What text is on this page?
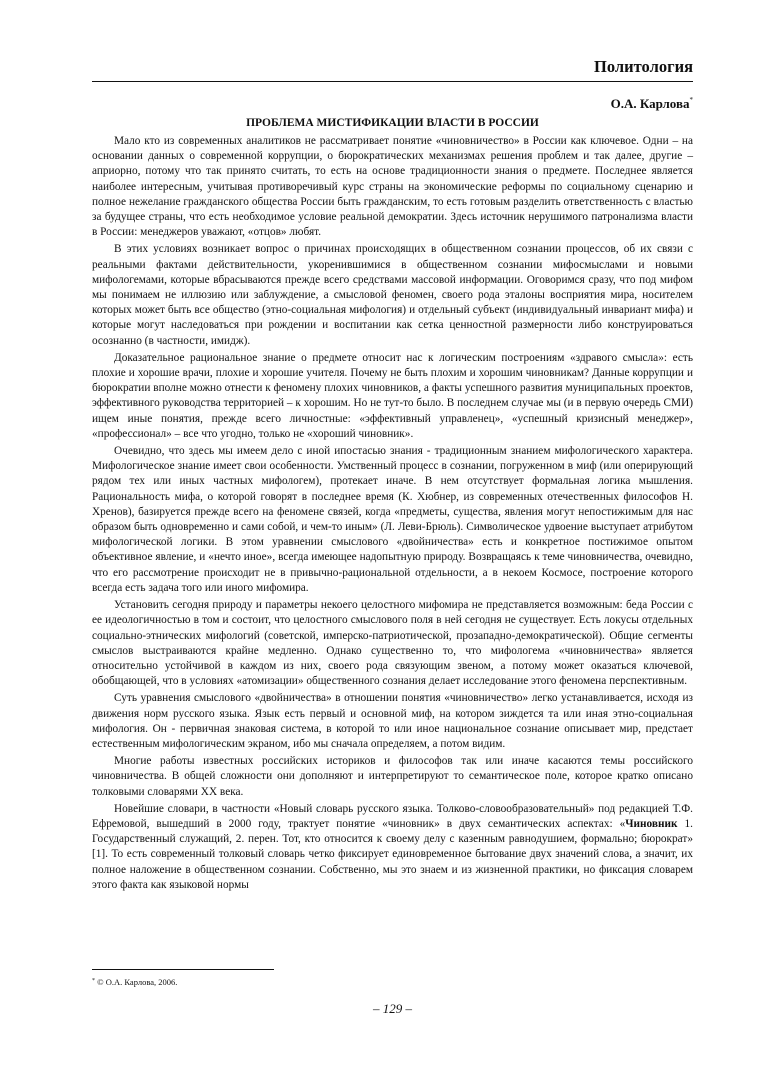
Политология
О.А. Карлова*
ПРОБЛЕМА МИСТИФИКАЦИИ ВЛАСТИ В РОССИИ

Мало кто из современных аналитиков не рассматривает понятие «чиновничество» в России как ключевое. Одни – на основании данных о современной коррупции, о бюрократических механизмах решения проблем и так далее, другие – априорно, потому что так принято считать, то есть на основе традиционности знания о предмете. Последнее является наиболее интересным, учитывая противоречивый курс страны на экономические реформы по социальному сценарию и полное нежелание гражданского общества России быть гражданским, то есть готовым разделить ответственность с властью за будущее страны, что есть необходимое условие реальной демократии. Здесь источник нерушимого патронализма власти в России: менеджеров уважают, «отцов» любят.

В этих условиях возникает вопрос о причинах происходящих в общественном сознании процессов, об их связи с реальными фактами действительности, укоренившимися в общественном сознании мифосмыслами и новыми мифологемами, которые вбрасываются прежде всего средствами массовой информации. Оговоримся сразу, что под мифом мы понимаем не иллюзию или заблуждение, а смысловой феномен, своего рода эталоны восприятия мира, носителем которых может быть все общество (этно-социальная мифология) и отдельный субъект (индивидуальный инвариант мифа) и которые могут наследоваться при рождении и воспитании как сетка ценностной размерности либо конструироваться осознанно (в частности, имидж).

Доказательное рациональное знание о предмете относит нас к логическим построениям «здравого смысла»: есть плохие и хорошие врачи, плохие и хорошие учителя. Почему не быть плохим и хорошим чиновникам? Данные коррупции и бюрократии вполне можно отнести к феномену плохих чиновников, а факты успешного развития муниципальных проектов, эффективного руководства территорией – к хорошим. Но не тут-то было. В последнем случае мы (и в первую очередь СМИ) ищем иные понятия, прежде всего личностные: «эффективный управленец», «успешный кризисный менеджер», «профессионал» – все что угодно, только не «хороший чиновник».

Очевидно, что здесь мы имеем дело с иной ипостасью знания - традиционным знанием мифологического характера. Мифологическое знание имеет свои особенности. Умственный процесс в сознании, погруженном в миф (или оперирующий рядом тех или иных частных мифологем), протекает иначе. В нем отсутствует формальная логика мышления. Рациональность мифа, о которой говорят в последнее время (К. Хюбнер, из современных отечественных философов Н. Хренов), базируется прежде всего на феномене связей, когда «предметы, существа, явления могут непостижимым для нас образом быть одновременно и сами собой, и чем-то иным» (Л. Леви-Брюль). Символическое удвоение выступает атрибутом мифологической логики. В этом уравнении смыслового «двойничества» есть и конкретное постижимое опытом объективное явление, и «нечто иное», всегда имеющее надопытную природу. Возвращаясь к теме чиновничества, очевидно, что его рассмотрение происходит не в привычно-рациональной отдельности, а в некоем Космосе, построение которого всегда есть задача того или иного мифомира.

Установить сегодня природу и параметры некоего целостного мифомира не представляется возможным: беда России с ее идеологичностью в том и состоит, что целостного смыслового поля в ней сегодня не существует. Есть локусы отдельных социально-этнических мифологий (советской, имперско-патриотической, прозападно-демократической). Общие сегменты смыслов выстраиваются крайне медленно. Однако существенно то, что мифологема «чиновничества» является относительно устойчивой в каждом из них, своего рода связующим звеном, а потому может оказаться ключевой, обобщающей, что в условиях «атомизации» общественного сознания делает исследование этого феномена перспективным.

Суть уравнения смыслового «двойничества» в отношении понятия «чиновничество» легко устанавливается, исходя из движения норм русского языка. Язык есть первый и основной миф, на котором зиждется та или иная этно-социальная мифология. Он - первичная знаковая система, в которой то или иное национальное сознание описывает мир, предстает естественным мифологическим экраном, ибо мы сначала определяем, а потом видим.

Многие работы известных российских историков и философов так или иначе касаются темы российского чиновничества. В общей сложности они дополняют и интерпретируют то семантическое поле, которое кратко описано толковыми словарями XX века.

Новейшие словари, в частности «Новый словарь русского языка. Толково-словообразовательный» под редакцией Т.Ф. Ефремовой, вышедший в 2000 году, трактует понятие «чиновник» в двух семантических аспектах: «Чиновник 1. Государственный служащий, 2. перен. Тот, кто относится к своему делу с казенным равнодушием, формально; бюрократ» [1]. То есть современный толковый словарь четко фиксирует единовременное бытование двух значений слова, а значит, их полное наложение в общественном сознании. Собственно, мы это знаем и из жизненной практики, но фиксация словарем этого факта как языковой нормы

* © О.А. Карлова, 2006.
– 129 –
